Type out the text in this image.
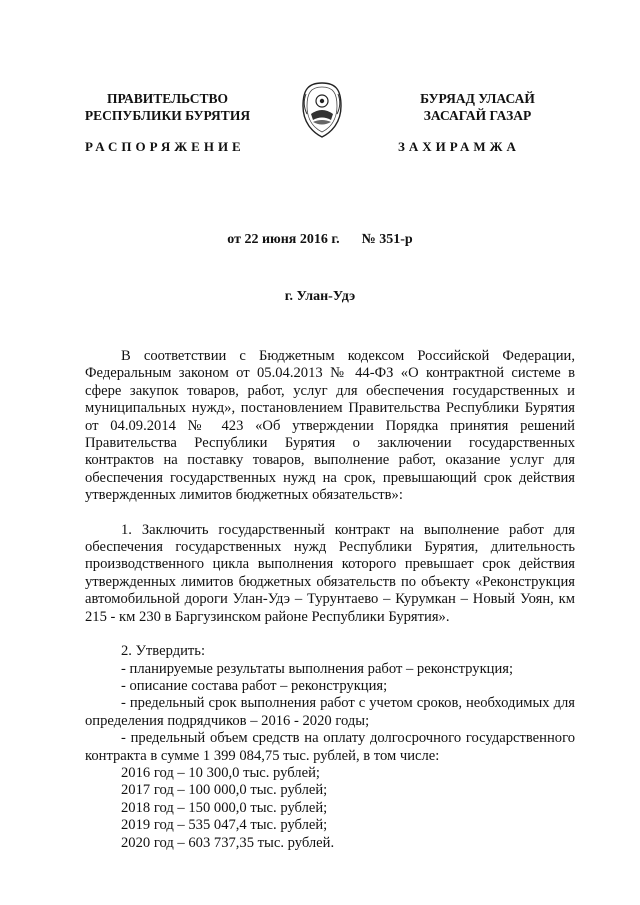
ПРАВИТЕЛЬСТВО
РЕСПУБЛИКИ БУРЯТИЯ
БУРЯАД УЛАСАЙ
ЗАСАГАЙ ГАЗАР
РАСПОРЯЖЕНИЕ	ЗАХИРАМЖА
от 22 июня 2016 г. № 351-р
г. Улан-Удэ

В соответствии с Бюджетным кодексом Российской Федерации, Федеральным законом от 05.04.2013 № 44-ФЗ «О контрактной системе в сфере закупок товаров, работ, услуг для обеспечения государственных и муниципальных нужд», постановлением Правительства Республики Бурятия от 04.09.2014 № 423 «Об утверждении Порядка принятия решений Правительства Республики Бурятия о заключении государственных контрактов на поставку товаров, выполнение работ, оказание услуг для обеспечения государственных нужд на срок, превышающий срок действия утвержденных лимитов бюджетных обязательств»:

1. Заключить государственный контракт на выполнение работ для обеспечения государственных нужд Республики Бурятия, длительность производственного цикла выполнения которого превышает срок действия утвержденных лимитов бюджетных обязательств по объекту «Реконструкция автомобильной дороги Улан-Удэ – Турунтаево – Курумкан – Новый Уоян, км 215 - км 230 в Баргузинском районе Республики Бурятия».

2. Утвердить:
- планируемые результаты выполнения работ – реконструкция;
- описание состава работ – реконструкция;
- предельный срок выполнения работ с учетом сроков, необходимых для определения подрядчиков – 2016 - 2020 годы;
- предельный объем средств на оплату долгосрочного государственного контракта в сумме 1 399 084,75 тыс. рублей, в том числе:
2016 год – 10 300,0 тыс. рублей;
2017 год – 100 000,0 тыс. рублей;
2018 год – 150 000,0 тыс. рублей;
2019 год – 535 047,4 тыс. рублей;
2020 год – 603 737,35 тыс. рублей.
